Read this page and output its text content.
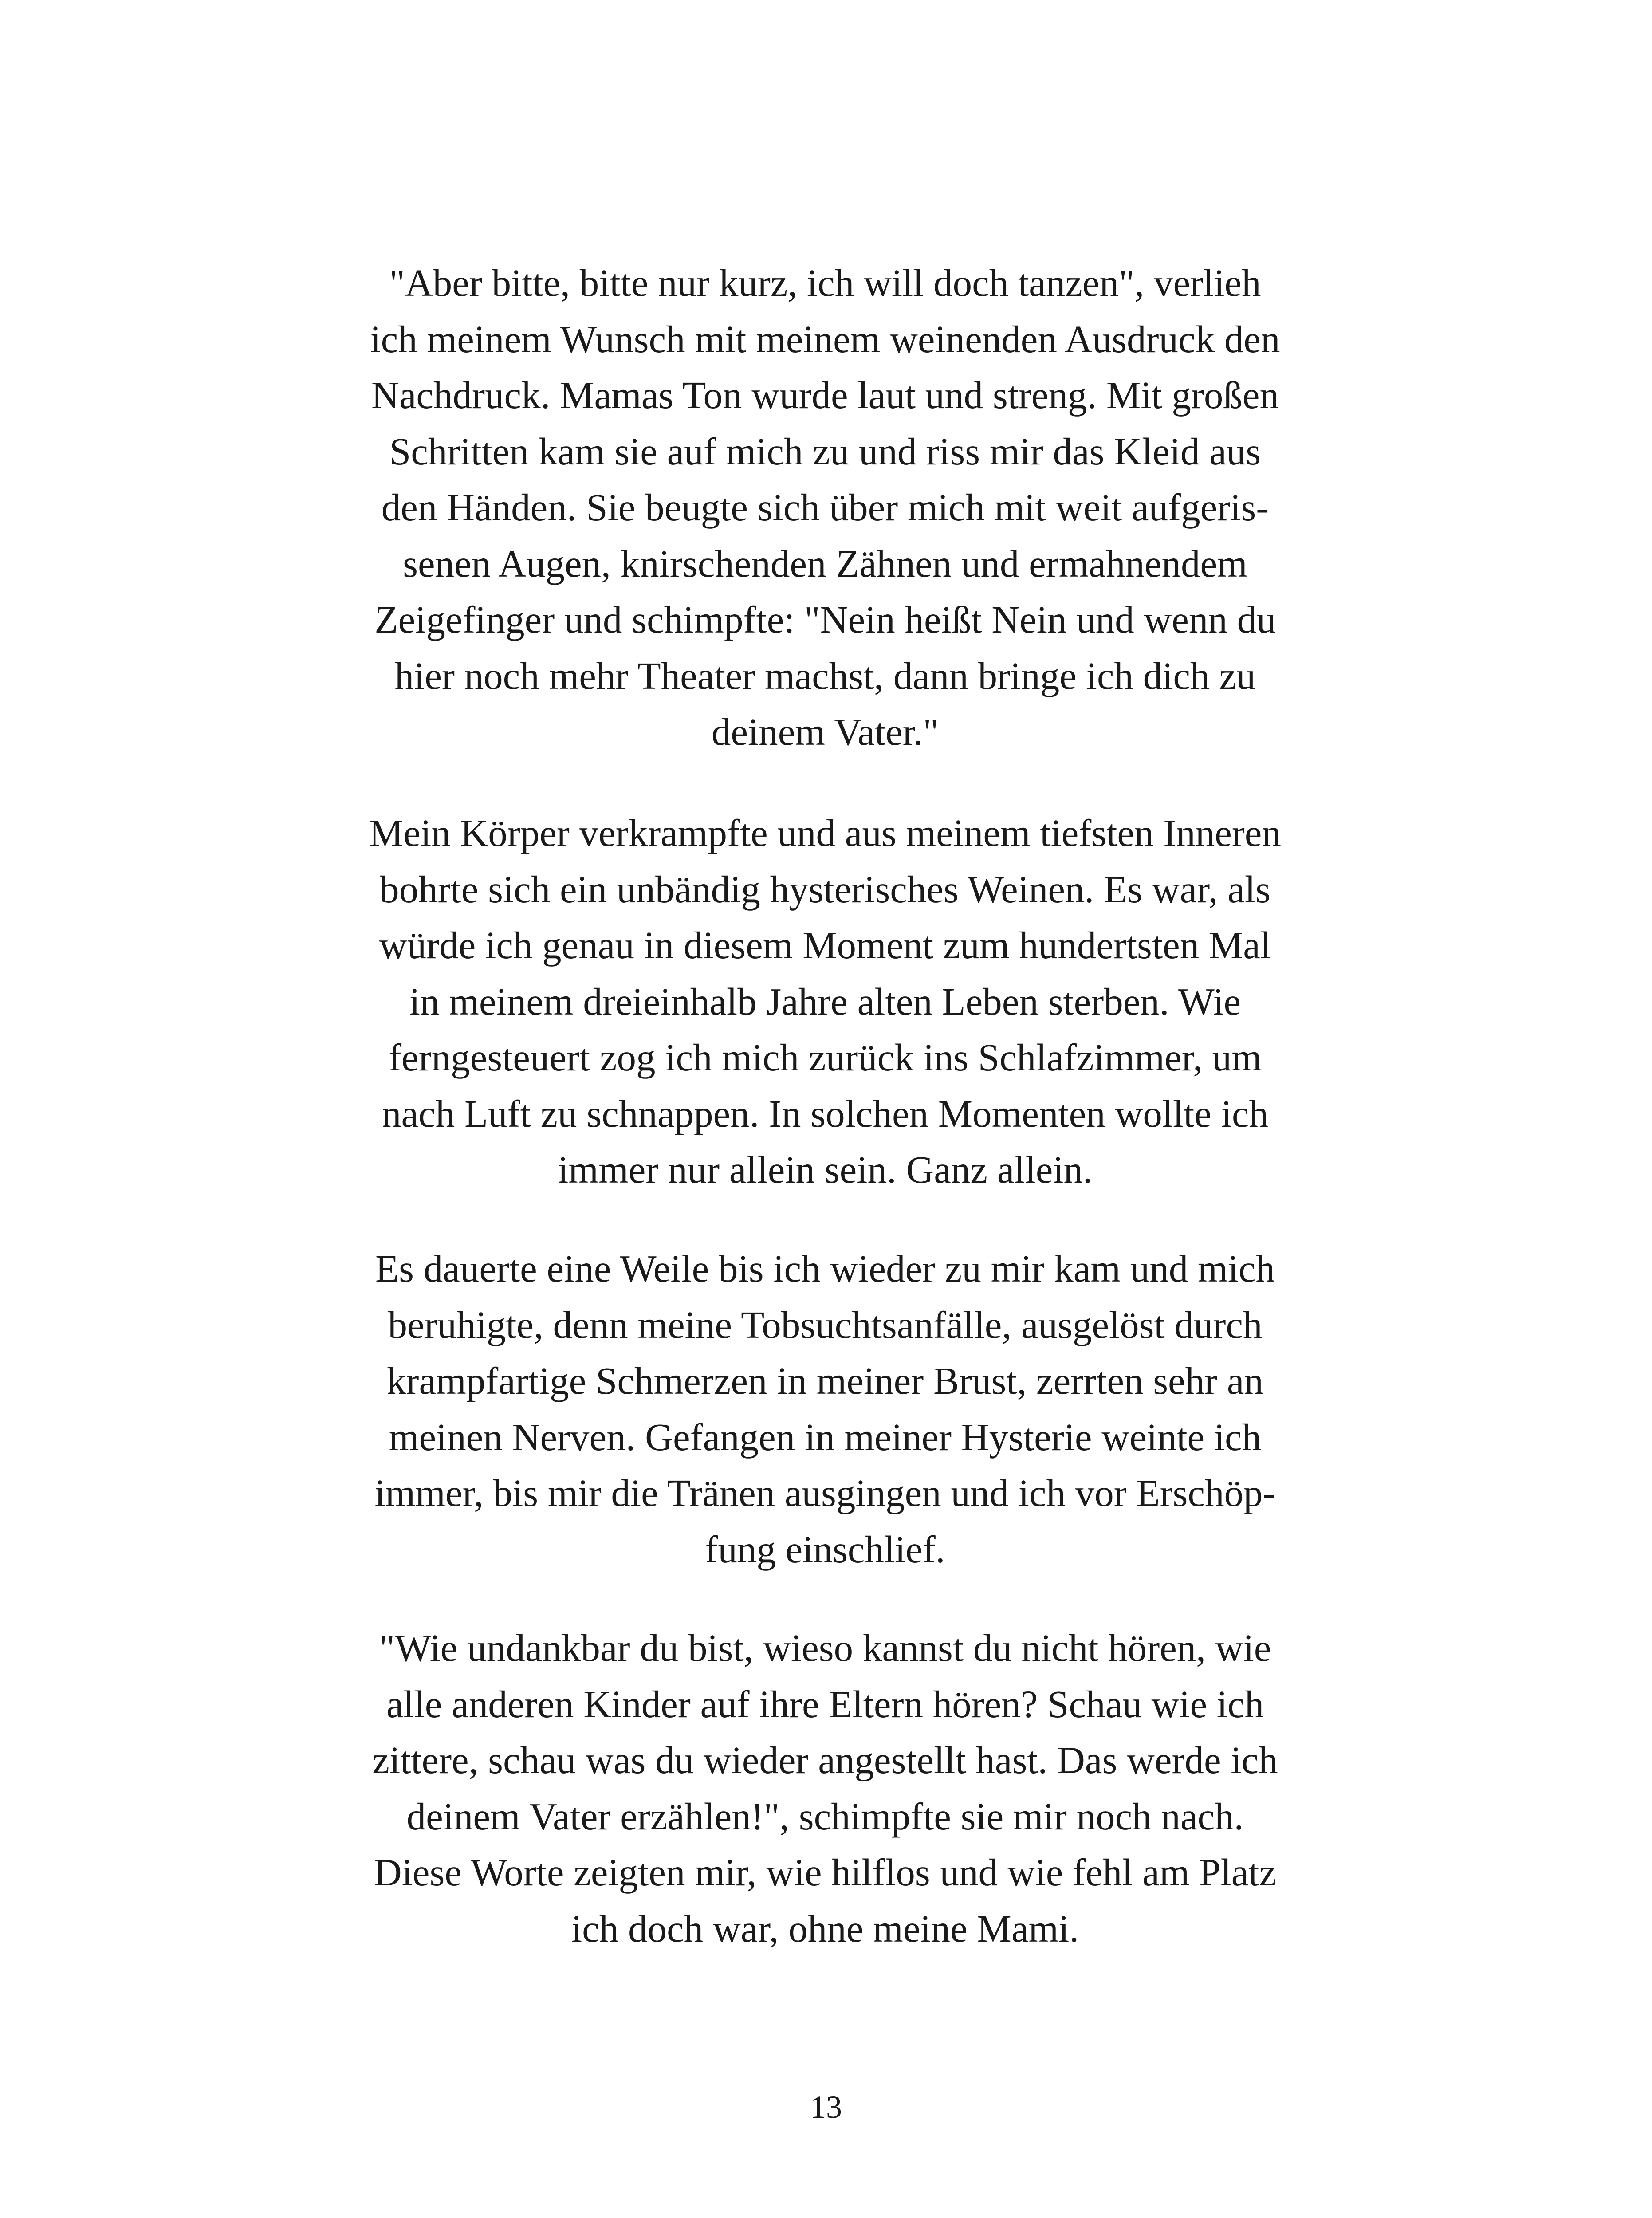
"Aber bitte, bitte nur kurz, ich will doch tanzen", verlieh
ich meinem Wunsch mit meinem weinenden Ausdruck den
Nachdruck. Mamas Ton wurde laut und streng. Mit großen
Schritten kam sie auf mich zu und riss mir das Kleid aus
den Händen. Sie beugte sich über mich mit weit aufgeris-
senen Augen, knirschenden Zähnen und ermahnendem
Zeigefinger und schimpfte: "Nein heißt Nein und wenn du
hier noch mehr Theater machst, dann bringe ich dich zu
deinem Vater."
Mein Körper verkrampfte und aus meinem tiefsten Inneren
bohrte sich ein unbändig hysterisches Weinen. Es war, als
würde ich genau in diesem Moment zum hundertsten Mal
in meinem dreieinhalb Jahre alten Leben sterben. Wie
ferngesteuert zog ich mich zurück ins Schlafzimmer, um
nach Luft zu schnappen. In solchen Momenten wollte ich
immer nur allein sein. Ganz allein.
Es dauerte eine Weile bis ich wieder zu mir kam und mich
beruhigte, denn meine Tobsuchtsanfälle, ausgelöst durch
krampfartige Schmerzen in meiner Brust, zerrten sehr an
meinen Nerven. Gefangen in meiner Hysterie weinte ich
immer, bis mir die Tränen ausgingen und ich vor Erschöp-
fung einschlief.
"Wie undankbar du bist, wieso kannst du nicht hören, wie
alle anderen Kinder auf ihre Eltern hören? Schau wie ich
zittere, schau was du wieder angestellt hast. Das werde ich
deinem Vater erzählen!", schimpfte sie mir noch nach.
Diese Worte zeigten mir, wie hilflos und wie fehl am Platz
ich doch war, ohne meine Mami.
13
